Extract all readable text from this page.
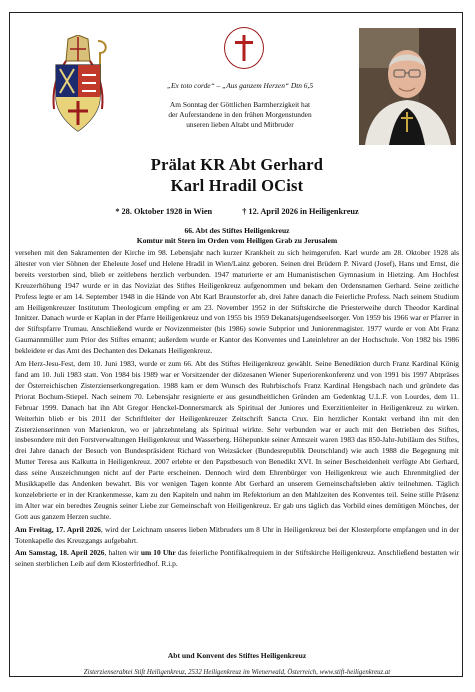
„Ex toto corde“ – „Aus ganzem Herzen“ Dtn 6,5
Am Sonntag der Göttlichen Barmherzigkeit hat
der Auferstandene in den frühen Morgenstunden
unseren lieben Altabt und Mitbruder
Prälat KR Abt Gerhard
Karl Hradil OCist
* 28. Oktober 1928 in Wien	† 12. April 2026 in Heiligenkreuz
66. Abt des Stiftes Heiligenkreuz
Komtur mit Stern im Orden vom Heiligen Grab zu Jerusalem

versehen mit den Sakramenten der Kirche im 98. Lebensjahr nach kurzer Krankheit zu sich heimgerufen. Karl wurde am 28. Oktober 1928 als ältester von vier Söhnen der Eheleute Josef und Helene Hradil in Wien/Lainz geboren. Seinen drei Brüdern P. Nivard (Josef), Hans und Ernst, die bereits verstorben sind, blieb er zeitlebens herzlich verbunden. 1947 maturierte er am Humanistischen Gymnasium in Hietzing. Am Hochfest Kreuzerhöhung 1947 wurde er in das Noviziat des Stiftes Heiligenkreuz aufgenommen und bekam den Ordensnamen Gerhard. Seine zeitliche Profess legte er am 14. September 1948 in die Hände von Abt Karl Braunstorfer ab, drei Jahre danach die Feierliche Profess. Nach seinem Studium am Heiligenkreuzer Institutum Theologicum empfing er am 23. November 1952 in der Stiftskirche die Priesterweihe durch Theodor Kardinal Innitzer. Danach wurde er Kaplan in der Pfarre Heiligenkreuz und von 1955 bis 1959 Dekanatsjugendseelsorger. Von 1959 bis 1966 war er Pfarrer in der Stiftspfarre Trumau. Anschließend wurde er Novizenmeister (bis 1986) sowie Subprior und Juniorenmagister. 1977 wurde er von Abt Franz Gaumannmüller zum Prior des Stiftes ernannt; außerdem wurde er Kantor des Konventes und Lateinlehrer an der Hochschule. Von 1982 bis 1986 bekleidete er das Amt des Dechanten des Dekanats Heiligenkreuz.

Am Herz-Jesu-Fest, dem 10. Juni 1983, wurde er zum 66. Abt des Stiftes Heiligenkreuz gewählt. Seine Benediktion durch Franz Kardinal König fand am 10. Juli 1983 statt. Von 1984 bis 1989 war er Vorsitzender der diözesanen Wiener Superiorenkonferenz und von 1991 bis 1997 Abtpräses der Österreichischen Zisterzienserkongregation. 1988 kam er dem Wunsch des Ruhrbischofs Franz Kardinal Hengsbach nach und gründete das Priorat Bochum-Stiepel. Nach seinem 70. Lebensjahr resignierte er aus gesundheitlichen Gründen am Gedenktag U.L.F. von Lourdes, dem 11. Februar 1999. Danach bat ihn Abt Gregor Henckel-Donnersmarck als Spiritual der Juniores und Exerzitienleiter in Heiligenkreuz zu wirken. Weiterhin blieb er bis 2011 der Schriftleiter der Heiligenkreuzer Zeitschrift Sancta Crux. Ein herzlicher Kontakt verband ihn mit den Zisterzienserinnen von Marienkron, wo er jahrzehntelang als Spiritual wirkte. Sehr verbunden war er auch mit den Betrieben des Stiftes, insbesondere mit den Forstverwaltungen Heiligenkreuz und Wasserberg. Höhepunkte seiner Amtszeit waren 1983 das 850-Jahr-Jubiläum des Stiftes, drei Jahre danach der Besuch von Bundespräsident Richard von Weizsäcker (Bundesrepublik Deutschland) wie auch 1988 die Begegnung mit Mutter Teresa aus Kalkutta in Heiligenkreuz. 2007 erlebte er den Papstbesuch von Benedikt XVI. In seiner Bescheidenheit verfügte Abt Gerhard, dass seine Auszeichnungen nicht auf der Parte erscheinen. Dennoch wird dem Ehrenbürger von Heiligenkreuz wie auch Ehrenmitglied der Musikkapelle das Andenken bewahrt. Bis vor wenigen Tagen konnte Abt Gerhard an unserem Gemeinschaftsleben aktiv teilnehmen. Täglich konzelebrierte er in der Krankenmesse, kam zu den Kapiteln und nahm im Refektorium an den Mahlzeiten des Konventes teil. Seine stille Präsenz im Alter war ein beredtes Zeugnis seiner Liebe zur Gemeinschaft von Heiligenkreuz. Er gab uns täglich das Vorbild eines demütigen Mönches, der Gott aus ganzem Herzen suchte.

Am Freitag, 17. April 2026, wird der Leichnam unseres lieben Mitbruders um 8 Uhr in Heiligenkreuz bei der Klosterpforte empfangen und in der Totenkapelle des Kreuzgangs aufgebahrt.

Am Samstag, 18. April 2026, halten wir um 10 Uhr das feierliche Pontifikalrequiem in der Stiftskirche Heiligenkreuz. Anschließend bestatten wir seinen sterblichen Leib auf dem Klosterfriedhof. R.i.p.

Abt und Konvent des Stiftes Heiligenkreuz
Zisterzienserabtei Stift Heiligenkreuz, 2532 Heiligenkreuz im Wienerwald, Österreich, www.stift-heiligenkreuz.at
